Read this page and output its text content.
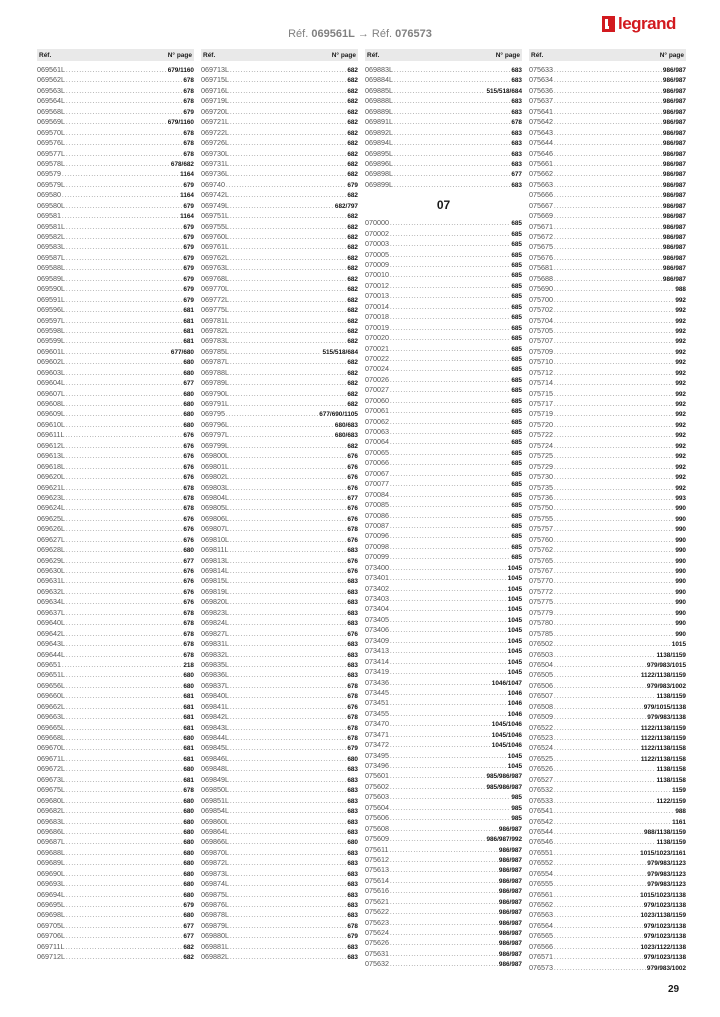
Réf. 069561L → Réf. 076573
legrand
Réf.	N° page
069561L .....	679/1160
069562L .....	678
069563L .....	678
069564L .....	678
069568L .....	679
069569L .....	679/1160
069570L .....	678
069576L .....	678
069577L .....	678
069578L .....	678/682
069579 .....	1164
069579L .....	679
069580 .....	1164
069580L .....	679
069581 .....	1164
069581L .....	679
069582L .....	679
069583L .....	679
069587L .....	679
069588L .....	679
069589L .....	679
069590L .....	679
069591L .....	679
069596L .....	681
069597L .....	681
069598L .....	681
069599L .....	681
069601L .....	677/680
069602L .....	680
069603L .....	680
069604L .....	677
069607L .....	680
069608L .....	680
069609L .....	680
069610L .....	680
069611L .....	676
069612L .....	676
069613L .....	676
069618L .....	676
069620L .....	676
069621L .....	678
069623L .....	678
069624L .....	678
069625L .....	676
069626L .....	676
069627L .....	676
069628L .....	680
069629L .....	677
069630L .....	676
069631L .....	676
069632L .....	676
069634L .....	676
069637L .....	678
069640L .....	678
069642L .....	678
069643L .....	678
069644L .....	678
069651 .....	218
069651L .....	680
069656L .....	680
069660L .....	681
069662L .....	681
069663L .....	681
069665L .....	681
069668L .....	680
069670L .....	681
069671L .....	681
069672L .....	680
069673L .....	681
069675L .....	678
069680L .....	680
069682L .....	680
069683L .....	680
069686L .....	680
069687L .....	680
069688L .....	680
069689L .....	680
069690L .....	680
069693L .....	680
069694L .....	680
069695L .....	679
069698L .....	680
069705L .....	677
069706L .....	677
069711L .....	682
069712L .....	682
Réf.	N° page
069713L .....	682
069715L .....	682
069716L .....	682
069719L .....	682
069720L .....	682
069721L .....	682
069722L .....	682
069726L .....	682
069730L .....	682
069731L .....	682
069736L .....	682
069740 .....	679
069742L .....	682
069749L .....	682/797
069751L .....	682
069755L .....	682
069760L .....	682
069761L .....	682
069762L .....	682
069763L .....	682
069768L .....	682
069770L .....	682
069772L .....	682
069775L .....	682
069781L .....	682
069782L .....	682
069783L .....	682
069785L .....	515/518/684
069787L .....	682
069788L .....	682
069789L .....	682
069790L .....	682
069791L .....	682
069795 .....	677/690/1105
069796L .....	680/683
069797L .....	680/683
069799L .....	682
069800L .....	676
069801L .....	676
069802L .....	676
069803L .....	676
069804L .....	677
069805L .....	676
069806L .....	676
069807L .....	678
069810L .....	676
069811L .....	683
069813L .....	676
069814L .....	676
069815L .....	683
069819L .....	683
069820L .....	683
069823L .....	683
069824L .....	683
069827L .....	676
069831L .....	683
069832L .....	683
069835L .....	683
069836L .....	683
069837L .....	678
069840L .....	678
069841L .....	676
069842L .....	678
069843L .....	678
069844L .....	678
069845L .....	679
069846L .....	680
069848L .....	683
069849L .....	683
069850L .....	683
069851L .....	683
069854L .....	683
069860L .....	683
069864L .....	683
069866L .....	680
069870L .....	683
069872L .....	683
069873L .....	683
069874L .....	683
069875L .....	683
069876L .....	683
069878L .....	683
069879L .....	678
069880L .....	679
069881L .....	683
069882L .....	683
Réf.	N° page
069883L .....	683
069884L .....	683
069885L .....	515/518/684
069888L .....	683
069889L .....	683
069891L .....	678
069892L .....	683
069894L .....	683
069895L .....	683
069896L .....	683
069898L .....	677
069899L .....	683
07
070000 .....	685
070002 .....	685
070003 .....	685
070005 .....	685
070009 .....	685
070010 .....	685
070012 .....	685
070013 .....	685
070014 .....	685
070018 .....	685
070019 .....	685
070020 .....	685
070021 .....	685
070022 .....	685
070024 .....	685
070026 .....	685
070027 .....	685
070060 .....	685
070061 .....	685
070062 .....	685
070063 .....	685
070064 .....	685
070065 .....	685
070066 .....	685
070067 .....	685
070077 .....	685
070084 .....	685
070085 .....	685
070086 .....	685
070087 .....	685
070096 .....	685
070098 .....	685
070099 .....	685
073400 .....	1045
073401 .....	1045
073402 .....	1045
073403 .....	1045
073404 .....	1045
073405 .....	1045
073406 .....	1045
073409 .....	1045
073413 .....	1045
073414 .....	1045
073419 .....	1045
073436 .....	1046/1047
073445 .....	1046
073451 .....	1046
073455 .....	1046
073470 .....	1045/1046
073471 .....	1045/1046
073472 .....	1045/1046
073495 .....	1045
073496 .....	1045
075601 .....	985/986/987
075602 .....	985/986/987
075603 .....	985
075604 .....	985
075606 .....	985
075608 .....	986/987
075609 .....	986/987/992
075611 .....	986/987
075612 .....	986/987
075613 .....	986/987
075614 .....	986/987
075616 .....	986/987
075621 .....	986/987
075622 .....	986/987
075623 .....	986/987
075624 .....	986/987
075626 .....	986/987
075631 .....	986/987
075632 .....	986/987
Réf.	N° page
075633 .....	986/987
075634 .....	986/987
075636 .....	986/987
075637 .....	986/987
075641 .....	986/987
075642 .....	986/987
075643 .....	986/987
075644 .....	986/987
075646 .....	986/987
075661 .....	986/987
075662 .....	986/987
075663 .....	986/987
075666 .....	986/987
075667 .....	986/987
075669 .....	986/987
075671 .....	986/987
075672 .....	986/987
075675 .....	986/987
075676 .....	986/987
075681 .....	986/987
075688 .....	986/987
075690 .....	988
075700 .....	992
075702 .....	992
075704 .....	992
075705 .....	992
075707 .....	992
075709 .....	992
075710 .....	992
075712 .....	992
075714 .....	992
075715 .....	992
075717 .....	992
075719 .....	992
075720 .....	992
075722 .....	992
075724 .....	992
075725 .....	992
075729 .....	992
075730 .....	992
075735 .....	992
075736 .....	993
075750 .....	990
075755 .....	990
075757 .....	990
075760 .....	990
075762 .....	990
075765 .....	990
075767 .....	990
075770 .....	990
075772 .....	990
075775 .....	990
075779 .....	990
075780 .....	990
075785 .....	990
076502 .....	1015
076503 .....	1138/1159
076504 .....	979/983/1015
076505 .....	1122/1138/1159
076506 .....	979/983/1002
076507 .....	1138/1159
076508 .....	979/1015/1138
076509 .....	979/983/1138
076522 .....	1122/1138/1159
076523 .....	1122/1138/1159
076524 .....	1122/1138/1158
076525 .....	1122/1138/1158
076526 .....	1138/1158
076527 .....	1138/1158
076532 .....	1159
076533 .....	1122/1159
076541 .....	988
076542 .....	1161
076544 .....	988/1138/1159
076546 .....	1138/1159
076551 .....	1015/1023/1161
076552 .....	979/983/1123
076554 .....	979/983/1123
076555 .....	979/983/1123
076561 .....	1015/1023/1138
076562 .....	979/1023/1138
076563 .....	1023/1138/1159
076564 .....	979/1023/1138
076565 .....	979/1023/1138
076566 .....	1023/1122/1138
076571 .....	979/1023/1138
076573 .....	979/983/1002
29
